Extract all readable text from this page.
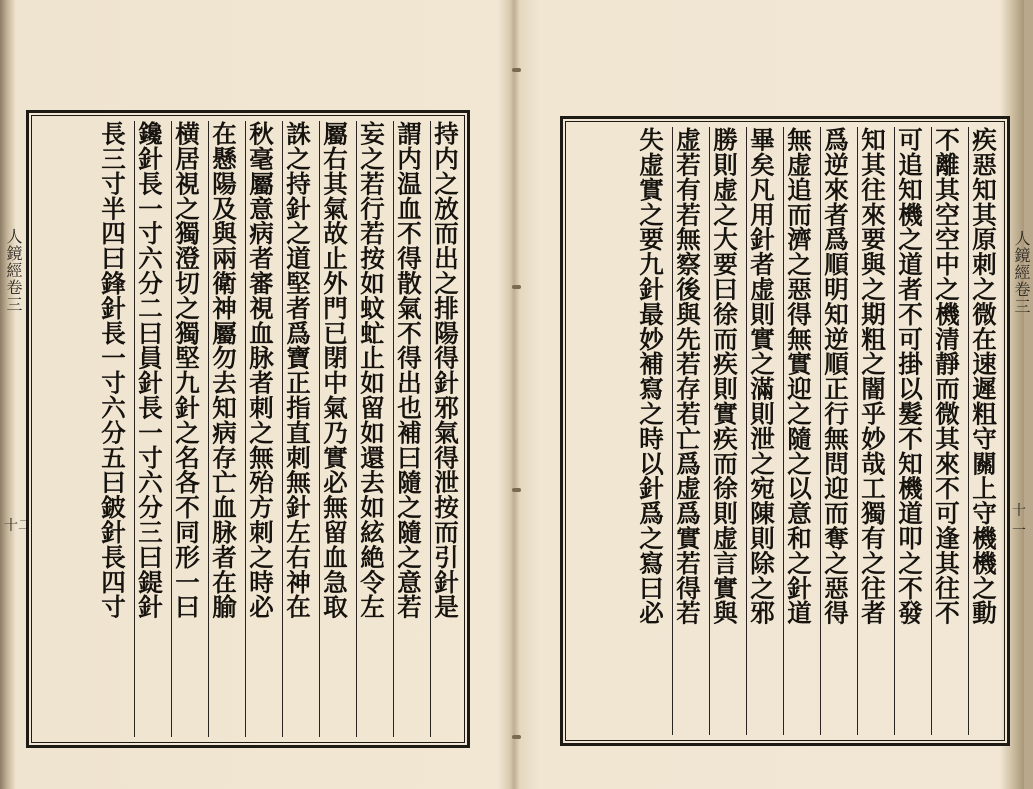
人鏡經卷三
十二	持内之放而出之排陽得針邪氣得泄按而引針是
謂内温血不得散氣不得出也補曰隨之隨之意若
妄之若行若按如蚊虻止如留如還去如絃絶令左
屬右其氣故止外門已閉中氣乃實必無留血急取
誅之持針之道堅者爲寶正指直刺無針左右神在
秋毫屬意病者審視血脉者刺之無殆方刺之時必
在懸陽及與兩衛神屬勿去知病存亡血脉者在腧
横居視之獨澄切之獨堅九針之名各不同形一曰
鑱針長一寸六分二曰員針長一寸六分三曰鍉針
長三寸半四曰鋒針長一寸六分五曰鈹針長四寸	人鏡經卷三
十一
疾惡知其原刺之微在速遲粗守關上守機機之動
不離其空空中之機清靜而微其來不可逢其往不
可追知機之道者不可掛以髮不知機道叩之不發
知其往來要與之期粗之闇乎妙哉工獨有之往者
爲逆來者爲順明知逆順正行無問迎而奪之惡得
無虚追而濟之惡得無實迎之隨之以意和之針道
畢矣凡用針者虚則實之滿則泄之宛陳則除之邪
勝則虚之大要曰徐而疾則實疾而徐則虚言實與
虚若有若無察後與先若存若亡爲虚爲實若得若
失虚實之要九針最妙補寫之時以針爲之寫曰必
